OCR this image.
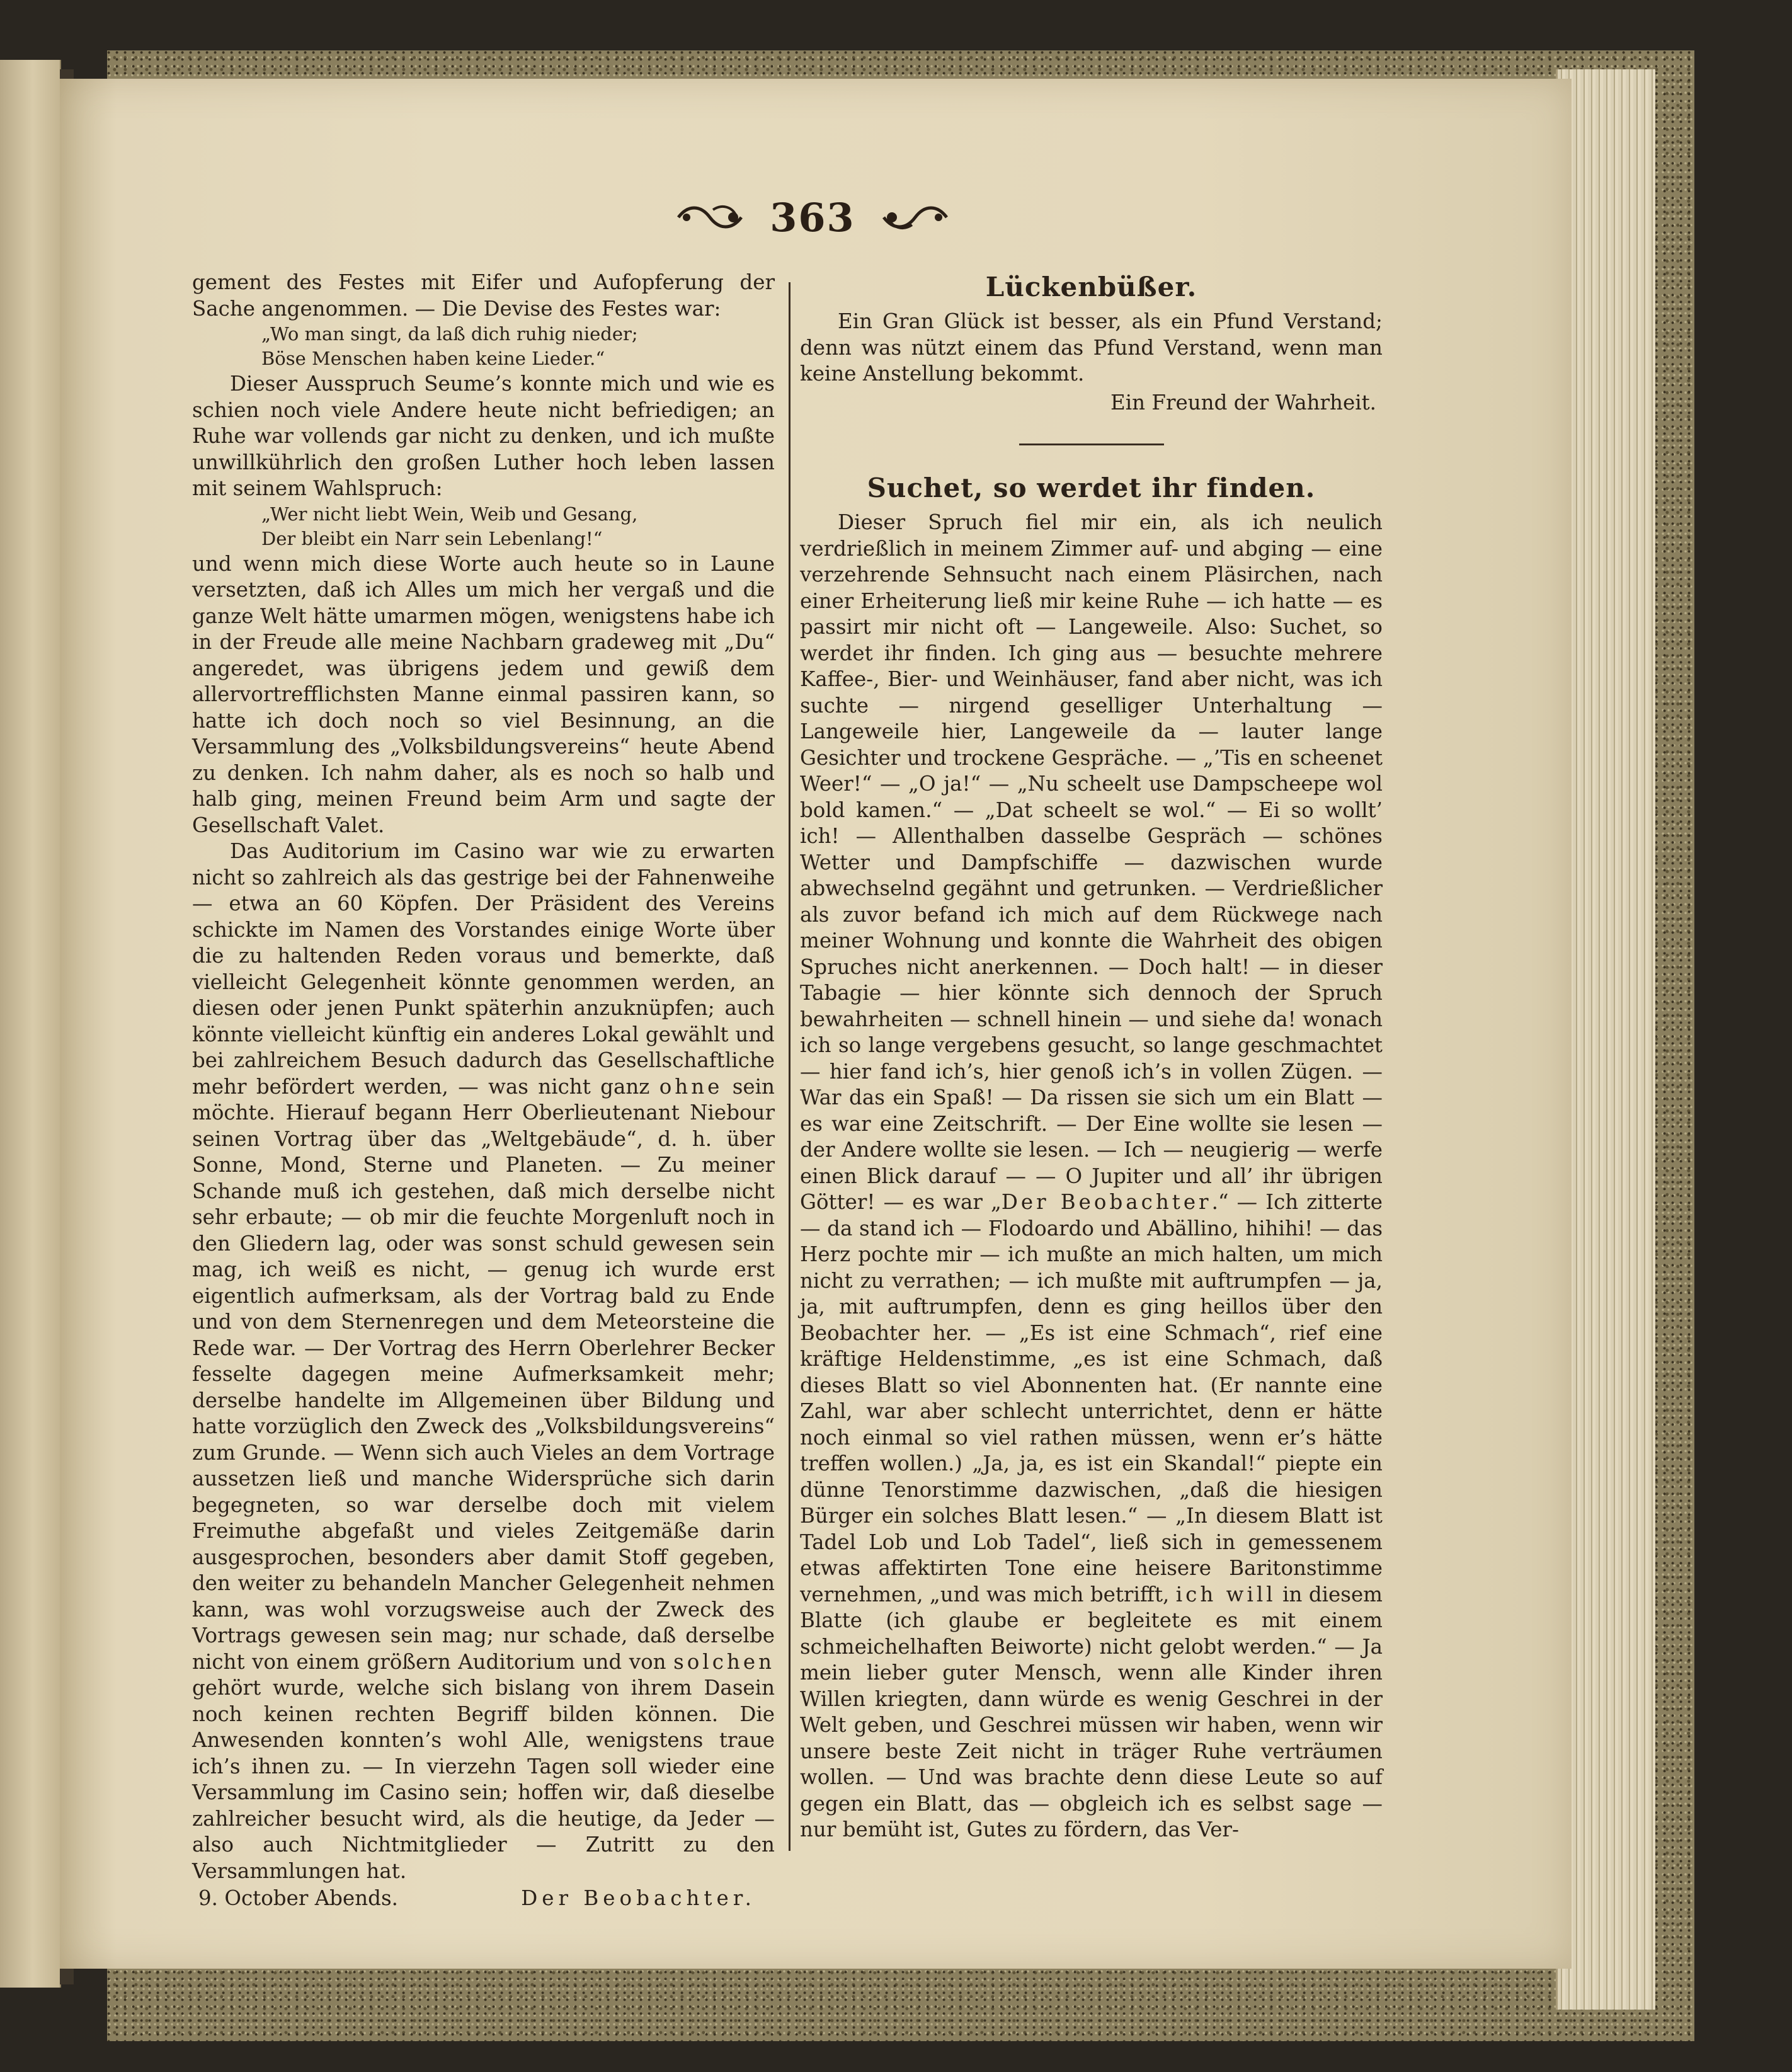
363

gement des Festes mit Eifer und Aufopferung der Sache angenommen. — Die Devise des Festes war:

„Wo man singt, da laß dich ruhig nieder;
Böse Menschen haben keine Lieder.“

Dieser Ausspruch Seume’s konnte mich und wie es schien noch viele Andere heute nicht befriedigen; an Ruhe war vollends gar nicht zu denken, und ich mußte unwillkührlich den großen Luther hoch leben lassen mit seinem Wahlspruch:

„Wer nicht liebt Wein, Weib und Gesang,
Der bleibt ein Narr sein Lebenlang!“

und wenn mich diese Worte auch heute so in Laune versetzten, daß ich Alles um mich her vergaß und die ganze Welt hätte umarmen mögen, wenigstens habe ich in der Freude alle meine Nachbarn gradeweg mit „Du“ angeredet, was übrigens jedem und gewiß dem allervortrefflichsten Manne einmal passiren kann, so hatte ich doch noch so viel Besinnung, an die Versammlung des „Volksbildungsvereins“ heute Abend zu denken. Ich nahm daher, als es noch so halb und halb ging, meinen Freund beim Arm und sagte der Gesellschaft Valet.

Das Auditorium im Casino war wie zu erwarten nicht so zahlreich als das gestrige bei der Fahnenweihe — etwa an 60 Köpfen. Der Präsident des Vereins schickte im Namen des Vorstandes einige Worte über die zu haltenden Reden voraus und bemerkte, daß vielleicht Gelegenheit könnte genommen werden, an diesen oder jenen Punkt späterhin anzuknüpfen; auch könnte vielleicht künftig ein anderes Lokal gewählt und bei zahlreichem Besuch dadurch das Gesellschaftliche mehr befördert werden, — was nicht ganz ohne sein möchte. Hierauf begann Herr Oberlieutenant Niebour seinen Vortrag über das „Weltgebäude“, d. h. über Sonne, Mond, Sterne und Planeten. — Zu meiner Schande muß ich gestehen, daß mich derselbe nicht sehr erbaute; — ob mir die feuchte Morgenluft noch in den Gliedern lag, oder was sonst schuld gewesen sein mag, ich weiß es nicht, — genug ich wurde erst eigentlich aufmerksam, als der Vortrag bald zu Ende und von dem Sternenregen und dem Meteorsteine die Rede war. — Der Vortrag des Herrn Oberlehrer Becker fesselte dagegen meine Aufmerksamkeit mehr; derselbe handelte im Allgemeinen über Bildung und hatte vorzüglich den Zweck des „Volksbildungsvereins“ zum Grunde. — Wenn sich auch Vieles an dem Vortrage aussetzen ließ und manche Widersprüche sich darin begegneten, so war derselbe doch mit vielem Freimuthe abgefaßt und vieles Zeitgemäße darin ausgesprochen, besonders aber damit Stoff gegeben, den weiter zu behandeln Mancher Gelegenheit nehmen kann, was wohl vorzugsweise auch der Zweck des Vortrags gewesen sein mag; nur schade, daß derselbe nicht von einem größern Auditorium und von solchen gehört wurde, welche sich bislang von ihrem Dasein noch keinen rechten Begriff bilden können. Die Anwesenden konnten’s wohl Alle, wenigstens traue ich’s ihnen zu. — In vierzehn Tagen soll wieder eine Versammlung im Casino sein; hoffen wir, daß dieselbe zahlreicher besucht wird, als die heutige, da Jeder — also auch Nichtmitglieder — Zutritt zu den Versammlungen hat.

9. October Abends.	Der Beobachter.
Lückenbüßer.

Ein Gran Glück ist besser, als ein Pfund Verstand; denn was nützt einem das Pfund Verstand, wenn man keine Anstellung bekommt.

Ein Freund der Wahrheit.
Suchet, so werdet ihr finden.

Dieser Spruch fiel mir ein, als ich neulich verdrießlich in meinem Zimmer auf- und abging — eine verzehrende Sehnsucht nach einem Pläsirchen, nach einer Erheiterung ließ mir keine Ruhe — ich hatte — es passirt mir nicht oft — Langeweile. Also: Suchet, so werdet ihr finden. Ich ging aus — besuchte mehrere Kaffee-, Bier- und Weinhäuser, fand aber nicht, was ich suchte — nirgend geselliger Unterhaltung — Langeweile hier, Langeweile da — lauter lange Gesichter und trockene Gespräche. — „’Tis en scheenet Weer!“ — „O ja!“ — „Nu scheelt use Dampscheepe wol bold kamen.“ — „Dat scheelt se wol.“ — Ei so wollt’ ich! — Allenthalben dasselbe Gespräch — schönes Wetter und Dampfschiffe — dazwischen wurde abwechselnd gegähnt und getrunken. — Verdrießlicher als zuvor befand ich mich auf dem Rückwege nach meiner Wohnung und konnte die Wahrheit des obigen Spruches nicht anerkennen. — Doch halt! — in dieser Tabagie — hier könnte sich dennoch der Spruch bewahrheiten — schnell hinein — und siehe da! wonach ich so lange vergebens gesucht, so lange geschmachtet — hier fand ich’s, hier genoß ich’s in vollen Zügen. — War das ein Spaß! — Da rissen sie sich um ein Blatt — es war eine Zeitschrift. — Der Eine wollte sie lesen — der Andere wollte sie lesen. — Ich — neugierig — werfe einen Blick darauf — — O Jupiter und all’ ihr übrigen Götter! — es war „Der Beobachter.“ — Ich zitterte — da stand ich — Flodoardo und Abällino, hihihi! — das Herz pochte mir — ich mußte an mich halten, um mich nicht zu verrathen; — ich mußte mit auftrumpfen — ja, ja, mit auftrumpfen, denn es ging heillos über den Beobachter her. — „Es ist eine Schmach“, rief eine kräftige Heldenstimme, „es ist eine Schmach, daß dieses Blatt so viel Abonnenten hat. (Er nannte eine Zahl, war aber schlecht unterrichtet, denn er hätte noch einmal so viel rathen müssen, wenn er’s hätte treffen wollen.) „Ja, ja, es ist ein Skandal!“ piepte ein dünne Tenorstimme dazwischen, „daß die hiesigen Bürger ein solches Blatt lesen.“ — „In diesem Blatt ist Tadel Lob und Lob Tadel“, ließ sich in gemessenem etwas affektirten Tone eine heisere Baritonstimme vernehmen, „und was mich betrifft, ich will in diesem Blatte (ich glaube er begleitete es mit einem schmeichelhaften Beiworte) nicht gelobt werden.“ — Ja mein lieber guter Mensch, wenn alle Kinder ihren Willen kriegten, dann würde es wenig Geschrei in der Welt geben, und Geschrei müssen wir haben, wenn wir unsere beste Zeit nicht in träger Ruhe verträumen wollen. — Und was brachte denn diese Leute so auf gegen ein Blatt, das — obgleich ich es selbst sage — nur bemüht ist, Gutes zu fördern, das Ver-
